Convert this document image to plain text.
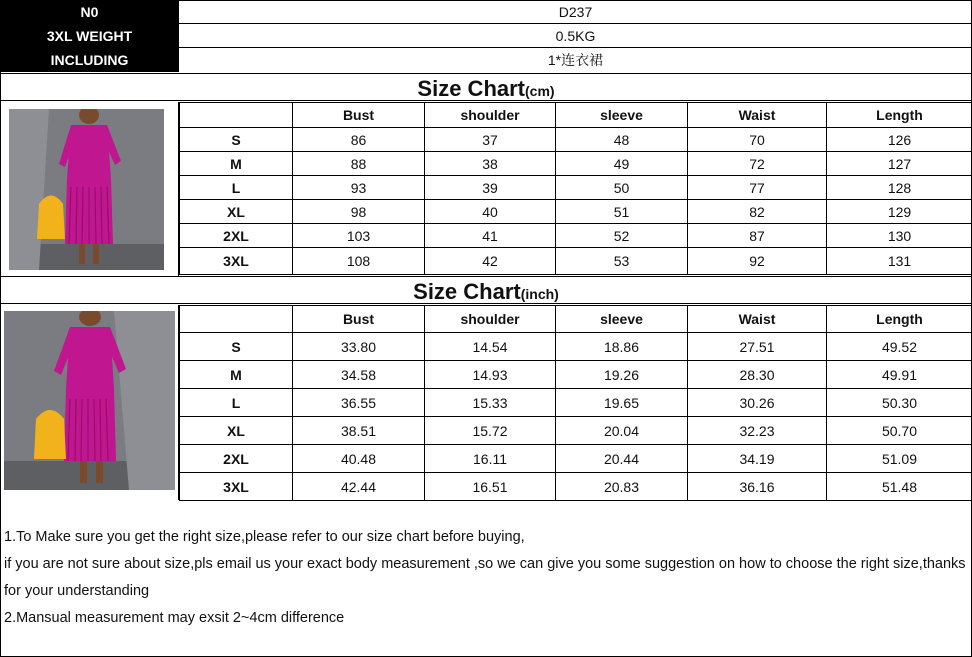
N0	D237
3XL WEIGHT	0.5KG
INCLUDING	1*连衣裙
Size Chart (cm)
	Bust	shoulder	sleeve	Waist	Length
S	86	37	48	70	126
M	88	38	49	72	127
L	93	39	50	77	128
XL	98	40	51	82	129
2XL	103	41	52	87	130
3XL	108	42	53	92	131
Size Chart (inch)
	Bust	shoulder	sleeve	Waist	Length
S	33.80	14.54	18.86	27.51	49.52
M	34.58	14.93	19.26	28.30	49.91
L	36.55	15.33	19.65	30.26	50.30
XL	38.51	15.72	20.04	32.23	50.70
2XL	40.48	16.11	20.44	34.19	51.09
3XL	42.44	16.51	20.83	36.16	51.48

1.To Make sure you get the right size,please refer to our size chart before buying,

if you are not sure about size,pls email us your exact body measurement ,so we can give you some suggestion on how to choose the right size,thanks for your understanding

2.Mansual measurement may exsit 2~4cm difference
